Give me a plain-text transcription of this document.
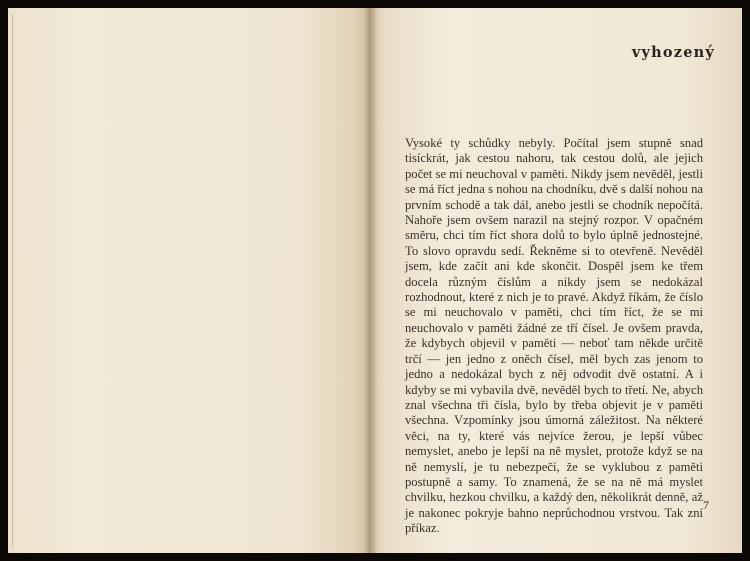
vyhozený

Vysoké ty schůdky nebyly. Počítal jsem stupně snad tisíckrát, jak cestou nahoru, tak cestou dolů, ale jejich počet se mi neuchoval v paměti. Nikdy jsem nevěděl, jestli se má říct jedna s nohou na chodníku, dvě s další nohou na prvním schodě a tak dál, anebo jestli se chodník nepočítá. Nahoře jsem ovšem narazil na stejný rozpor. V opačném směru, chci tím říct shora dolů to bylo úplně jednostejné. To slovo opravdu sedí. Řekněme si to otevřeně. Nevěděl jsem, kde začít ani kde skončit. Dospěl jsem ke třem docela různým číslům a nikdy jsem se nedokázal rozhodnout, které z nich je to pravé. Akdyž říkám, že číslo se mi neuchovalo v paměti, chci tím říct, že se mi neuchovalo v paměti žádné ze tří čísel. Je ovšem pravda, že kdybych objevil v paměti — neboť tam někde určitě trčí — jen jedno z oněch čísel, měl bych zas jenom to jedno a nedokázal bych z něj odvodit dvě ostatní. A i kdyby se mi vybavila dvě, nevěděl bych to třetí. Ne, abych znal všechna tři čísla, bylo by třeba objevit je v paměti všechna. Vzpomínky jsou úmorná záležitost. Na některé věci, na ty, které vás nejvíce žerou, je lepší vůbec nemyslet, anebo je lepší na ně myslet, protože když se na ně nemyslí, je tu nebezpečí, že se vyklubou z paměti postupně a samy. To znamená, že se na ně má myslet chvilku, hezkou chvilku, a každý den, několikrát denně, až je nakonec pokryje bahno neprůchodnou vrstvou. Tak zní příkaz.

7
